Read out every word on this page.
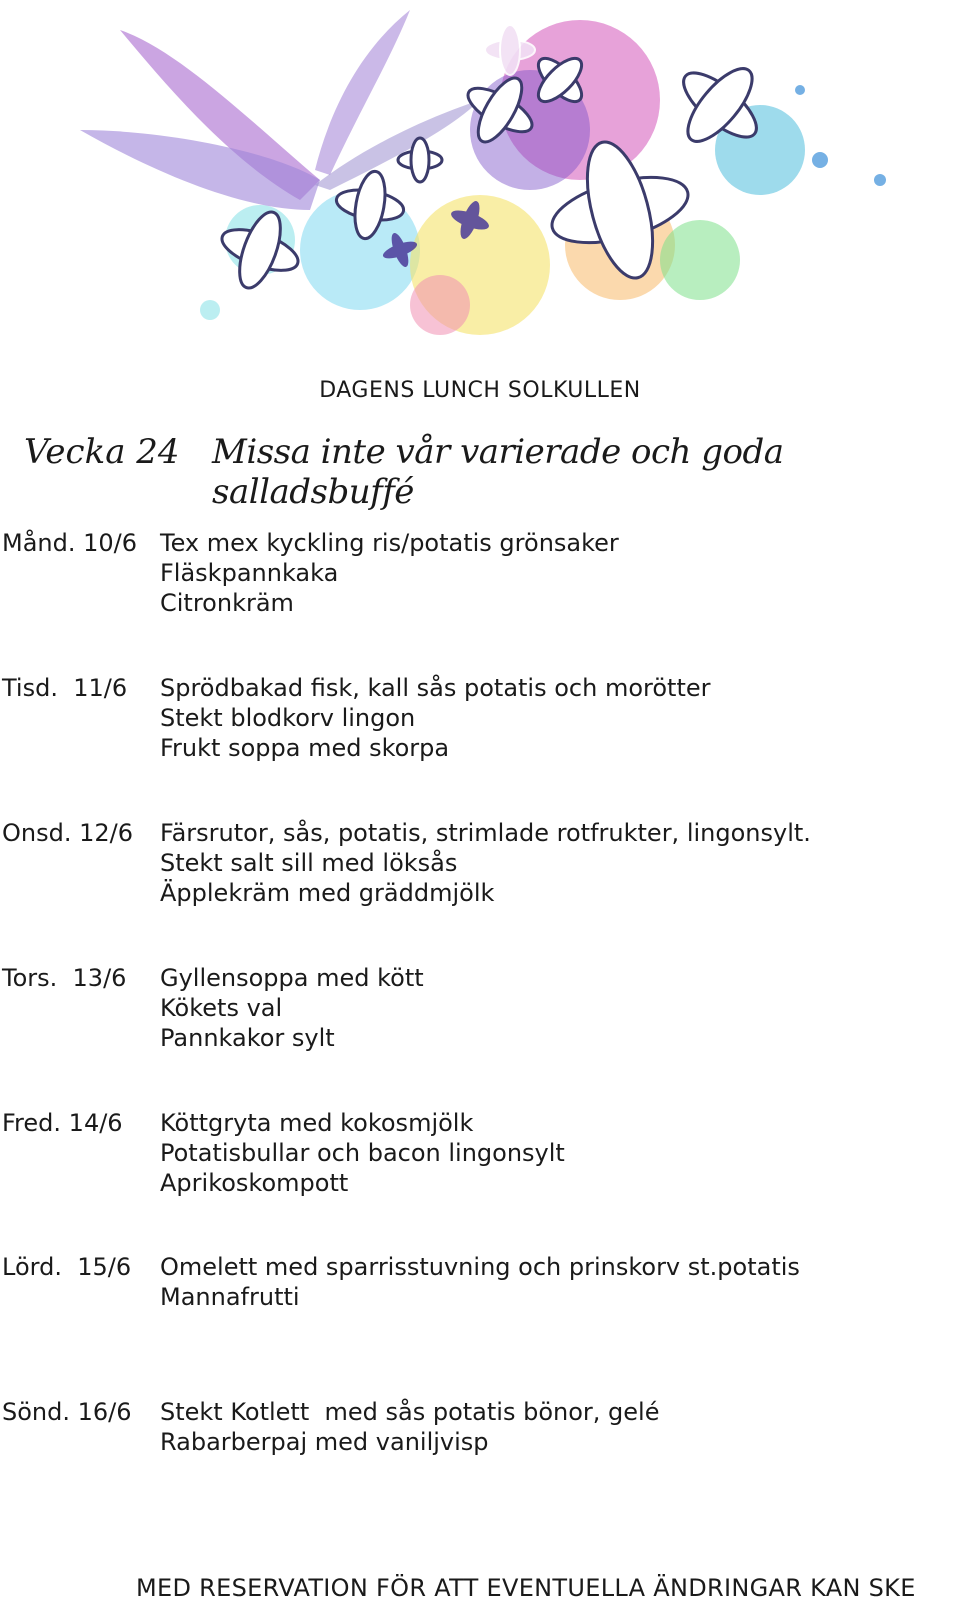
DAGENS LUNCH SOLKULLEN
Vecka 24 Missa inte vår varierade och goda salladsbuffé
Månd. 10/6 Tex mex kyckling ris/potatis grönsaker
Fläskpannkaka
Citronkräm
Tisd. 11/6 Sprödbakad fisk, kall sås potatis och morötter
Stekt blodkorv lingon
Frukt soppa med skorpa
Onsd. 12/6 Färsrutor, sås, potatis, strimlade rotfrukter, lingonsylt.
Stekt salt sill med löksås
Äpplekräm med gräddmjölk
Tors. 13/6 Gyllensoppa med kött
Kökets val
Pannkakor sylt
Fred. 14/6 Köttgryta med kokosmjölk
Potatisbullar och bacon lingonsylt
Aprikoskompott
Lörd. 15/6 Omelett med sparrisstuvning och prinskorv st.potatis
Mannafrutti
Sönd. 16/6 Stekt Kotlett  med sås potatis bönor, gelé
Rabarberpaj med vaniljvisp
MED RESERVATION FÖR ATT EVENTUELLA ÄNDRINGAR KAN SKE
